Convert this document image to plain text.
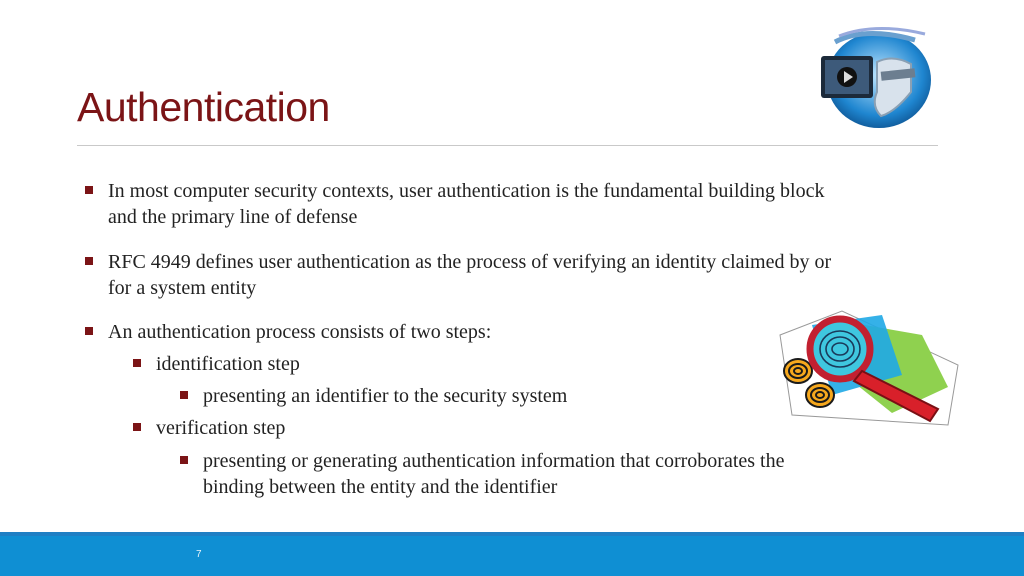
Authentication
In most computer security contexts, user authentication is the fundamental building block
and the primary line of defense
RFC 4949 defines user authentication as the process of verifying an identity claimed by or
for a system entity
An authentication process consists of two steps:
identification step
presenting an identifier to the security system
verification step
presenting or generating authentication information that corroborates the
binding between the entity and the identifier
7
